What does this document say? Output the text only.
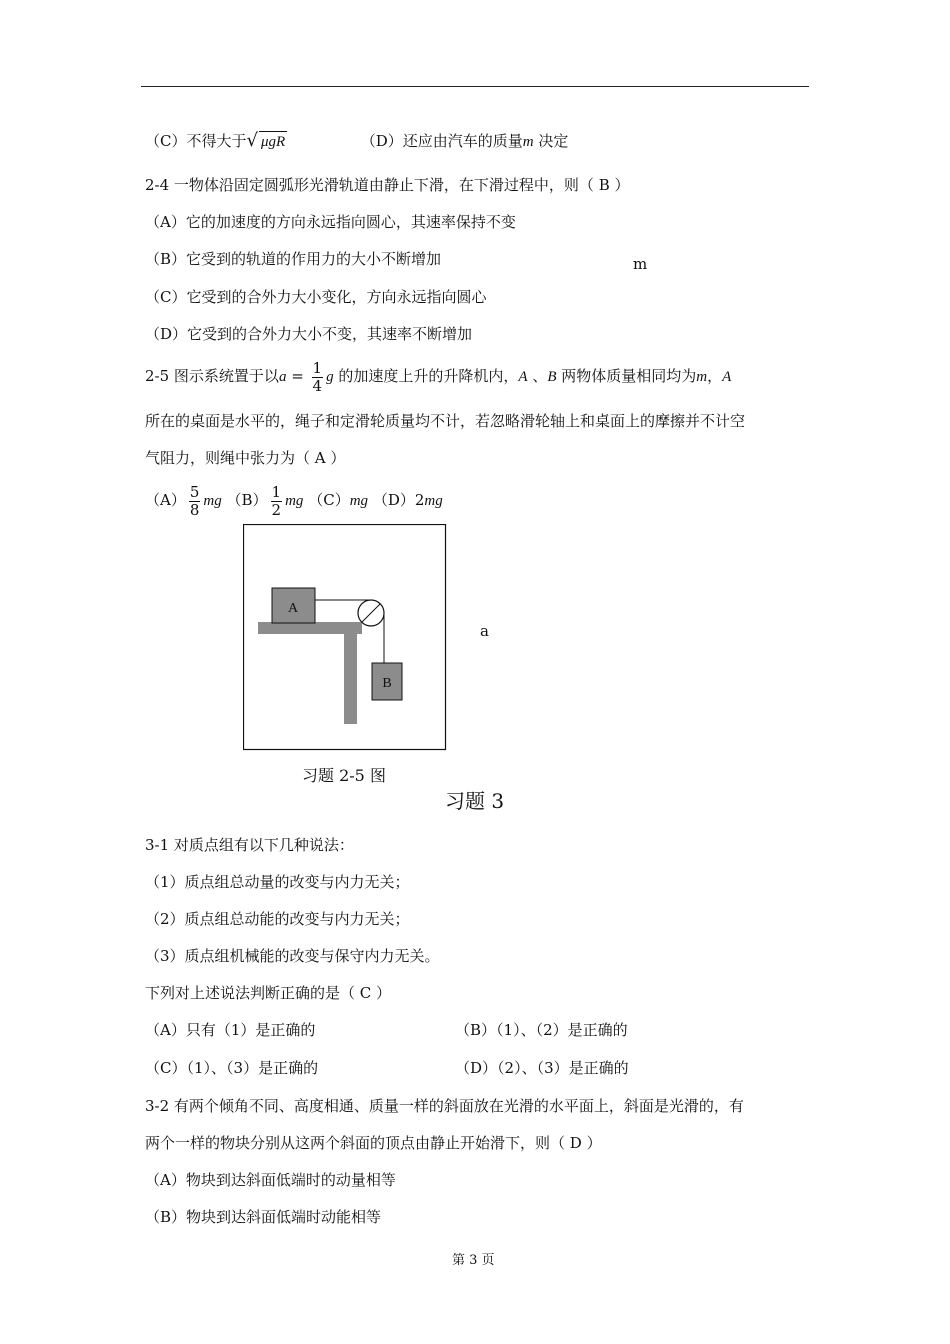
（C）不得大于√ μgR	（D）还应由汽车的质量m 决定
2-4 一物体沿固定圆弧形光滑轨道由静止下滑，在下滑过程中，则（ B ）
（A）它的加速度的方向永远指向圆心，其速率保持不变
（B）它受到的轨道的作用力的大小不断增加
（C）它受到的合外力大小变化，方向永远指向圆心
（D）它受到的合外力大小不变，其速率不断增加
m
2-5 图示系统置于以$a = \frac{1}{4}$ g 的加速度上升的升降机内，A 、B 两物体质量相同均为m，A
所在的桌面是水平的，绳子和定滑轮质量均不计，若忽略滑轮轴上和桌面上的摩擦并不计空
气阻力，则绳中张力为（ A ）
$(A) \frac{5}{8}$ mg $(B) \frac{1}{2}$ mg （C）mg （D）2mg
A
B
a
习题 2-5 图
习题 3
3-1 对质点组有以下几种说法：
（1）质点组总动量的改变与内力无关；
（2）质点组总动能的改变与内力无关；
（3）质点组机械能的改变与保守内力无关。
下列对上述说法判断正确的是（ C ）
（A）只有（1）是正确的	（B）（1）、（2）是正确的
（C）（1）、（3）是正确的	（D）（2）、（3）是正确的
3-2 有两个倾角不同、高度相通、质量一样的斜面放在光滑的水平面上，斜面是光滑的，有
两个一样的物块分别从这两个斜面的顶点由静止开始滑下，则（ D ）
（A）物块到达斜面低端时的动量相等
（B）物块到达斜面低端时动能相等
第 3 页
